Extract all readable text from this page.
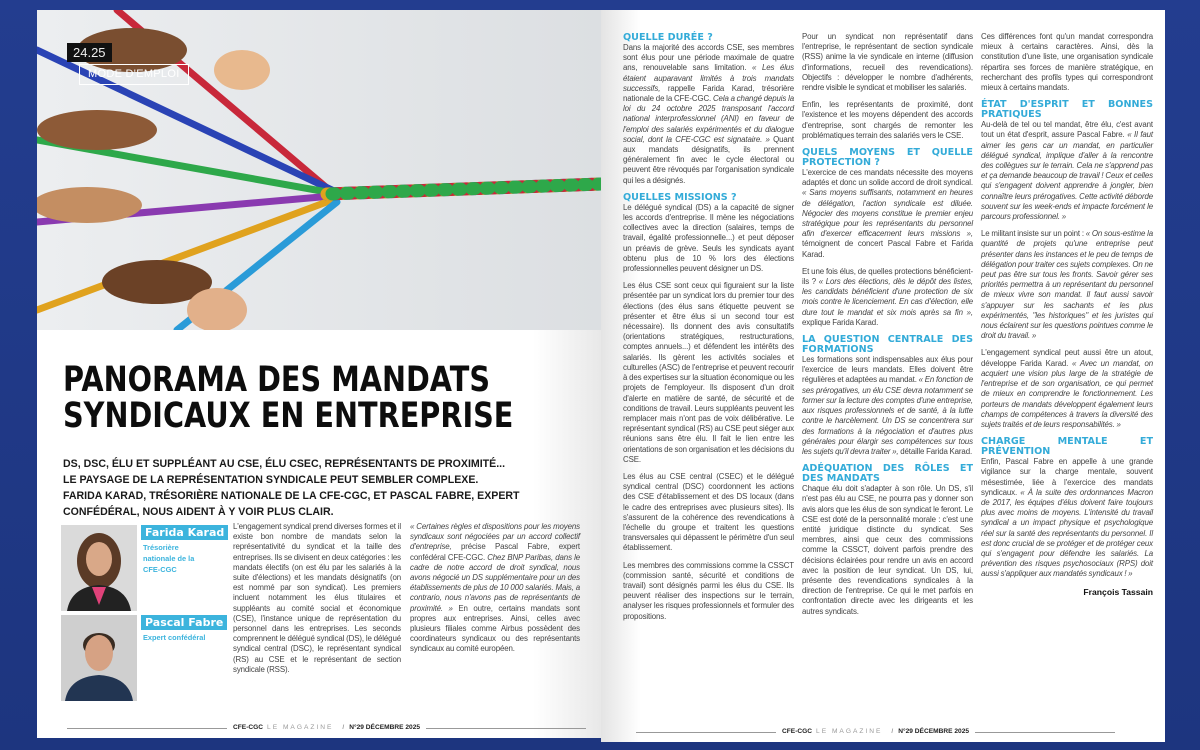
24.25
MODE D'EMPLOI
PANORAMA DES MANDATS
SYNDICAUX EN ENTREPRISE
DS, DSC, ÉLU ET SUPPLÉANT AU CSE, ÉLU CSEC, REPRÉSENTANTS DE PROXIMITÉ...
LE PAYSAGE DE LA REPRÉSENTATION SYNDICALE PEUT SEMBLER COMPLEXE.
FARIDA KARAD, TRÉSORIÈRE NATIONALE DE LA CFE-CGC, ET PASCAL FABRE, EXPERT
CONFÉDÉRAL, NOUS AIDENT À Y VOIR PLUS CLAIR.
Farida Karad
Trésorière nationale de la CFE-CGC
Pascal Fabre
Expert confédéral

L'engagement syndical prend diverses formes et il existe bon nombre de mandats selon la représentativité du syndicat et la taille des entreprises. Ils se divisent en deux catégories : les mandats électifs (on est élu par les salariés à la suite d'élections) et les mandats désignatifs (on est nommé par son syndicat). Les premiers incluent notamment les élus titulaires et suppléants au comité social et économique (CSE), l'instance unique de représentation du personnel dans les entreprises. Les seconds comprennent le délégué syndical (DS), le délégué syndical central (DSC), le représentant syndical (RS) au CSE et le représentant de section syndicale (RSS).

« Certaines règles et dispositions pour les moyens syndicaux sont négociées par un accord collectif d'entreprise, précise Pascal Fabre, expert confédéral CFE-CGC. Chez BNP Paribas, dans le cadre de notre accord de droit syndical, nous avons négocié un DS supplémentaire pour un des établissements de plus de 10 000 salariés. Mais, a contrario, nous n'avons pas de représentants de proximité. » En outre, certains mandats sont propres aux entreprises. Ainsi, celles avec plusieurs filiales comme Airbus possèdent des coordinateurs syndicaux ou des représentants syndicaux au comité européen.

CFE-CGC LE MAGAZINE / N°29 DÉCEMBRE 2025
QUELLE DURÉE ?

Dans la majorité des accords CSE, ses membres sont élus pour une période maximale de quatre ans, renouvelable sans limitation. « Les élus étaient auparavant limités à trois mandats successifs, rappelle Farida Karad, trésorière nationale de la CFE-CGC. Cela a changé depuis la loi du 24 octobre 2025 transposant l'accord national interprofessionnel (ANI) en faveur de l'emploi des salariés expérimentés et du dialogue social, dont la CFE-CGC est signataire. » Quant aux mandats désignatifs, ils prennent généralement fin avec le cycle électoral ou peuvent être révoqués par l'organisation syndicale qui les a désignés.

QUELLES MISSIONS ?

Le délégué syndical (DS) a la capacité de signer les accords d'entreprise. Il mène les négociations collectives avec la direction (salaires, temps de travail, égalité professionnelle...) et peut déposer un préavis de grève. Seuls les syndicats ayant obtenu plus de 10 % lors des élections professionnelles peuvent désigner un DS.

Les élus CSE sont ceux qui figuraient sur la liste présentée par un syndicat lors du premier tour des élections (des élus sans étiquette peuvent se présenter et être élus si un second tour est nécessaire). Ils donnent des avis consultatifs (orientations stratégiques, restructurations, comptes annuels...) et défendent les intérêts des salariés. Ils gèrent les activités sociales et culturelles (ASC) de l'entreprise et peuvent recourir à des expertises sur la situation économique ou les projets de l'employeur. Ils disposent d'un droit d'alerte en matière de santé, de sécurité et de conditions de travail. Leurs suppléants peuvent les remplacer mais n'ont pas de voix délibérative. Le représentant syndical (RS) au CSE peut siéger aux réunions sans être élu. Il fait le lien entre les orientations de son organisation et les décisions du CSE.

Les élus au CSE central (CSEC) et le délégué syndical central (DSC) coordonnent les actions des CSE d'établissement et des DS locaux (dans le cadre des entreprises avec plusieurs sites). Ils s'assurent de la cohérence des revendications à l'échelle du groupe et traitent les questions transversales qui dépassent le périmètre d'un seul établissement.

Les membres des commissions comme la CSSCT (commission santé, sécurité et conditions de travail) sont désignés parmi les élus du CSE. Ils peuvent réaliser des inspections sur le terrain, analyser les risques professionnels et formuler des propositions.

Pour un syndicat non représentatif dans l'entreprise, le représentant de section syndicale (RSS) anime la vie syndicale en interne (diffusion d'informations, recueil des revendications). Objectifs : développer le nombre d'adhérents, rendre visible le syndicat et mobiliser les salariés.

Enfin, les représentants de proximité, dont l'existence et les moyens dépendent des accords d'entreprise, sont chargés de remonter les problématiques terrain des salariés vers le CSE.

QUELS MOYENS ET QUELLE PROTECTION ?

L'exercice de ces mandats nécessite des moyens adaptés et donc un solide accord de droit syndical. « Sans moyens suffisants, notamment en heures de délégation, l'action syndicale est diluée. Négocier des moyens constitue le premier enjeu stratégique pour les représentants du personnel afin d'exercer efficacement leurs missions », témoignent de concert Pascal Fabre et Farida Karad.

Et une fois élus, de quelles protections bénéficient-ils ? « Lors des élections, dès le dépôt des listes, les candidats bénéficient d'une protection de six mois contre le licenciement. En cas d'élection, elle dure tout le mandat et six mois après sa fin », explique Farida Karad.

LA QUESTION CENTRALE DES FORMATIONS

Les formations sont indispensables aux élus pour l'exercice de leurs mandats. Elles doivent être régulières et adaptées au mandat. « En fonction de ses prérogatives, un élu CSE devra notamment se former sur la lecture des comptes d'une entreprise, aux risques professionnels et de santé, à la lutte contre le harcèlement. Un DS se concentrera sur des formations à la négociation et d'autres plus générales pour élargir ses compétences sur tous les sujets qu'il devra traiter », détaille Farida Karad.

ADÉQUATION DES RÔLES ET DES MANDATS

Chaque élu doit s'adapter à son rôle. Un DS, s'il n'est pas élu au CSE, ne pourra pas y donner son avis alors que les élus de son syndicat le feront. Le CSE est doté de la personnalité morale : c'est une entité juridique distincte du syndicat. Ses membres, ainsi que ceux des commissions comme la CSSCT, doivent parfois prendre des décisions éclairées pour rendre un avis en accord avec la position de leur syndicat. Un DS, lui, présente des revendications syndicales à la direction de l'entreprise. Ce qui le met parfois en confrontation directe avec les dirigeants et les autres syndicats.

Ces différences font qu'un mandat correspondra mieux à certains caractères. Ainsi, dès la constitution d'une liste, une organisation syndicale répartira ses forces de manière stratégique, en recherchant des profils types qui correspondront mieux à certains mandats.

ÉTAT D'ESPRIT ET BONNES PRATIQUES

Au-delà de tel ou tel mandat, être élu, c'est avant tout un état d'esprit, assure Pascal Fabre. « Il faut aimer les gens car un mandat, en particulier délégué syndical, implique d'aller à la rencontre des collègues sur le terrain. Cela ne s'apprend pas et ça demande beaucoup de travail ! Ceux et celles qui s'engagent doivent apprendre à jongler, bien connaître leurs prérogatives. Cette activité déborde souvent sur les week-ends et impacte forcément le parcours professionnel. »

Le militant insiste sur un point : « On sous-estime la quantité de projets qu'une entreprise peut présenter dans les instances et le peu de temps de délégation pour traiter ces sujets complexes. On ne peut pas être sur tous les fronts. Savoir gérer ses priorités permettra à un représentant du personnel de mieux vivre son mandat. Il faut aussi savoir s'appuyer sur les sachants et les plus expérimentés, "les historiques" et les juristes qui nous éclairent sur les questions pointues comme le droit du travail. »

L'engagement syndical peut aussi être un atout, développe Farida Karad. « Avec un mandat, on acquiert une vision plus large de la stratégie de l'entreprise et de son organisation, ce qui permet de mieux en comprendre le fonctionnement. Les porteurs de mandats développent également leurs champs de compétences à travers la diversité des sujets traités et de leurs responsabilités. »

CHARGE MENTALE ET PRÉVENTION

Enfin, Pascal Fabre en appelle à une grande vigilance sur la charge mentale, souvent mésestimée, liée à l'exercice des mandats syndicaux. « À la suite des ordonnances Macron de 2017, les équipes d'élus doivent faire toujours plus avec moins de moyens. L'intensité du travail syndical a un impact physique et psychologique réel sur la santé des représentants du personnel. Il est donc crucial de se protéger et de protéger ceux qui s'engagent pour défendre les salariés. La prévention des risques psychosociaux (RPS) doit aussi s'appliquer aux mandatés syndicaux ! »

François Tassain
CFE-CGC LE MAGAZINE / N°29 DÉCEMBRE 2025
